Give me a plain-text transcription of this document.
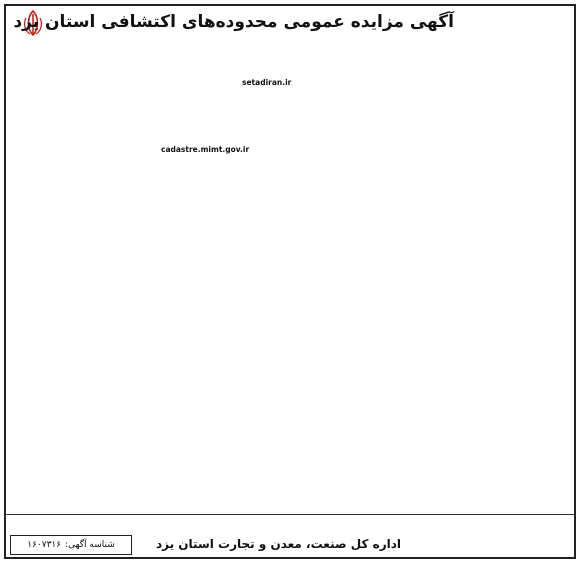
آگهی مزایده عمومی محدوده‌های اکتشافی استان یزد

setadiran.ir
cadastre.mimt.gov.ir
اداره کل صنعت، معدن و تجارت استان یزد
شناسه آگهی:
۱۶۰۷۳۱۶
